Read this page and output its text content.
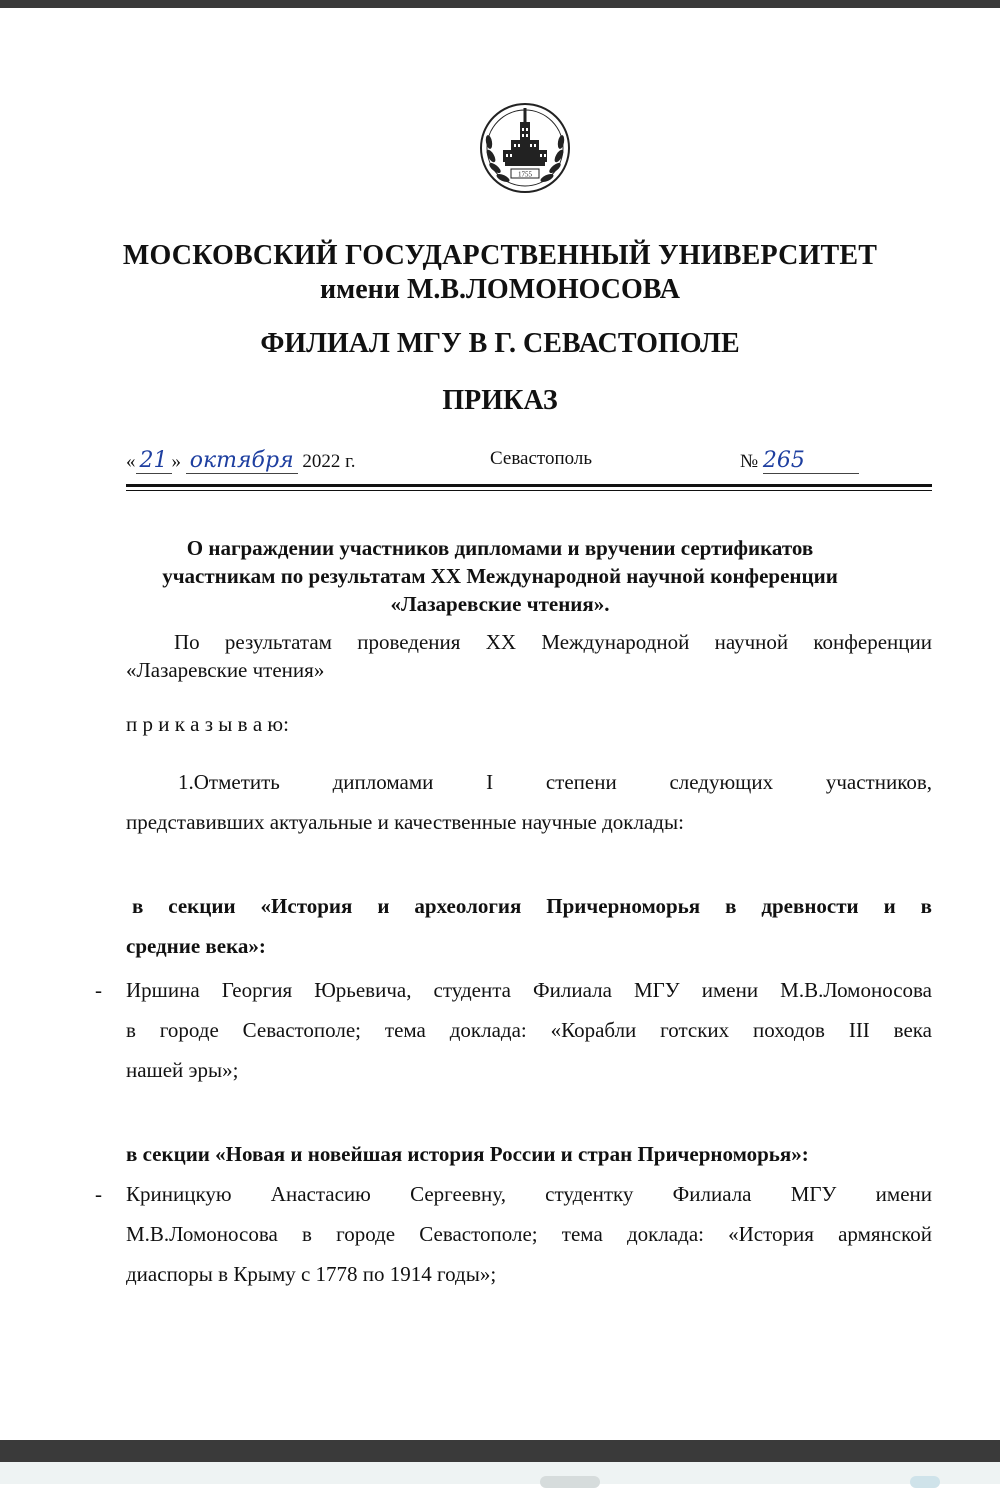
1755
МОСКОВСКИЙ ГОСУДАРСТВЕННЫЙ УНИВЕРСИТЕТ
имени М.В.ЛОМОНОСОВА
ФИЛИАЛ МГУ В Г. СЕВАСТОПОЛЕ
ПРИКАЗ
« 21 » октября 2022 г.	Севастополь	№ 265
О награждении участников дипломами и вручении сертификатов
участникам по результатам XX Международной научной конференции
«Лазаревские чтения».
По результатам проведения XX Международной научной конференции
«Лазаревские чтения»
п р и к а з ы в а ю:
1.Отметить дипломами I степени следующих участников,
представивших актуальные и качественные научные доклады:
в секции «История и археология Причерноморья в древности и в
средние века»:
- Иршина Георгия Юрьевича, студента Филиала МГУ имени М.В.Ломоносова
в городе Севастополе; тема доклада: «Корабли готских походов III века
нашей эры»;
в секции «Новая и новейшая история России и стран Причерноморья»:
- Криницкую Анастасию Сергеевну, студентку Филиала МГУ имени
М.В.Ломоносова в городе Севастополе; тема доклада: «История армянской
диаспоры в Крыму с 1778 по 1914 годы»;
